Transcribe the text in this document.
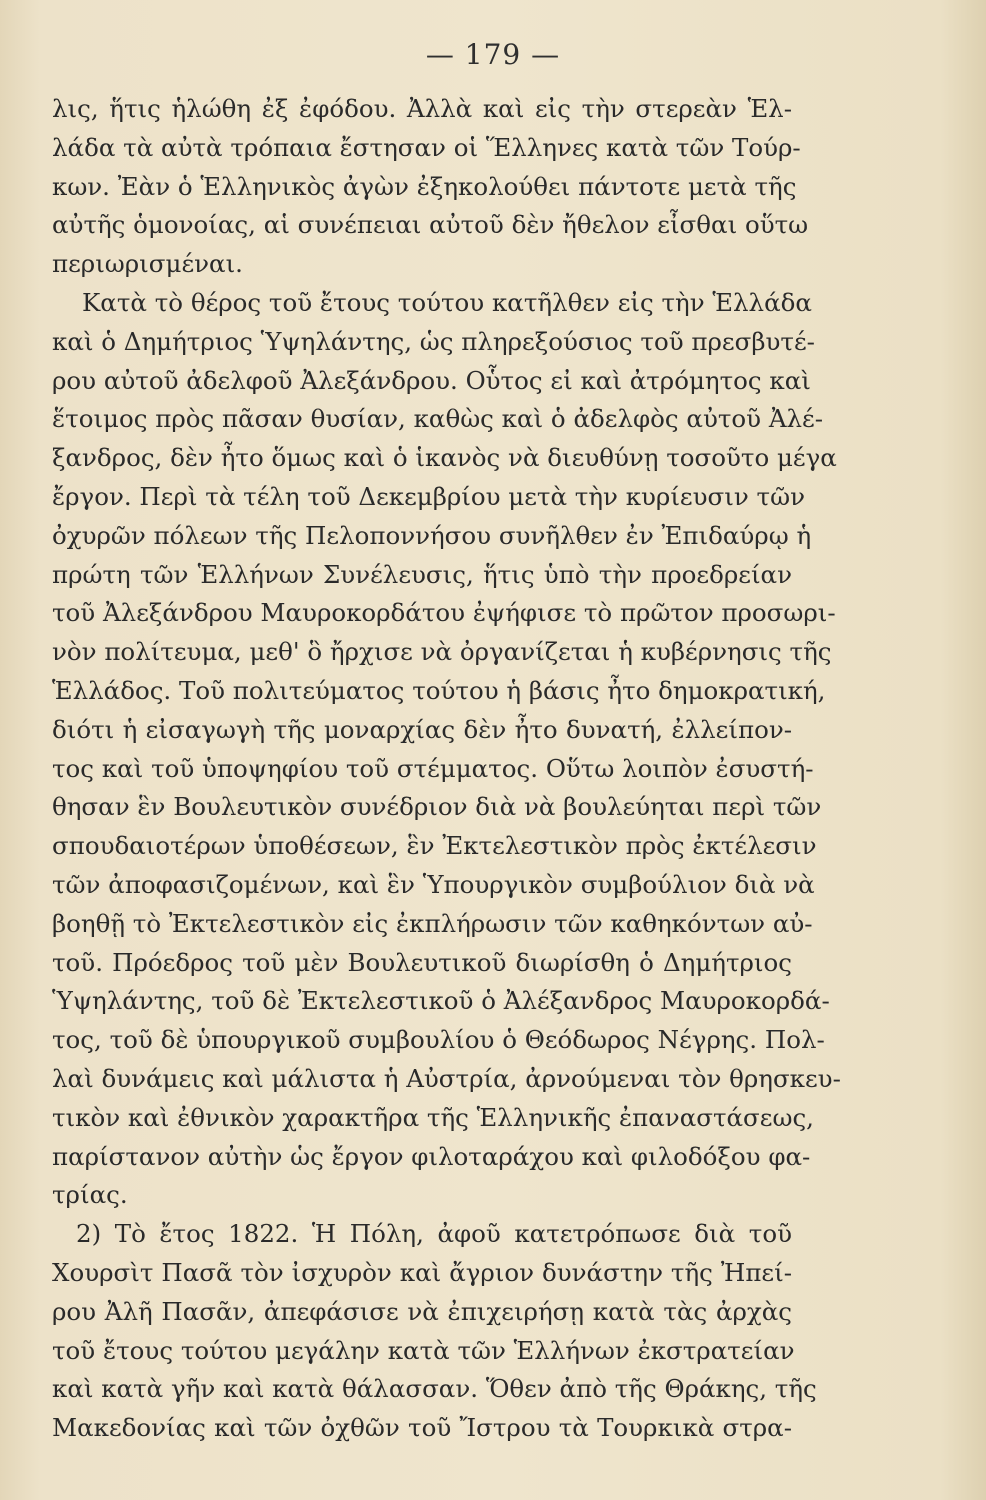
— 179 —
λις, ἥτις ἡλώθη ἐξ ἐφόδου. Ἀλλὰ καὶ εἰς τὴν στερεὰν Ἑλ-
λάδα τὰ αὐτὰ τρόπαια ἔστησαν οἱ Ἕλληνες κατὰ τῶν Τούρ-
κων. Ἐὰν ὁ Ἑλληνικὸς ἀγὼν ἐξηκολούθει πάντοτε μετὰ τῆς
αὐτῆς ὁμονοίας, αἱ συνέπειαι αὐτοῦ δὲν ἤθελον εἶσθαι οὕτω
περιωρισμέναι.
Κατὰ τὸ θέρος τοῦ ἔτους τούτου κατῆλθεν εἰς τὴν Ἑλλάδα
καὶ ὁ Δημήτριος Ὑψηλάντης, ὡς πληρεξούσιος τοῦ πρεσβυτέ-
ρου αὐτοῦ ἀδελφοῦ Ἀλεξάνδρου. Οὗτος εἰ καὶ ἀτρόμητος καὶ
ἕτοιμος πρὸς πᾶσαν θυσίαν, καθὼς καὶ ὁ ἀδελφὸς αὐτοῦ Ἀλέ-
ξανδρος, δὲν ἦτο ὅμως καὶ ὁ ἱκανὸς νὰ διευθύνῃ τοσοῦτο μέγα
ἔργον. Περὶ τὰ τέλη τοῦ Δεκεμβρίου μετὰ τὴν κυρίευσιν τῶν
ὀχυρῶν πόλεων τῆς Πελοποννήσου συνῆλθεν ἐν Ἐπιδαύρῳ ἡ
πρώτη τῶν Ἑλλήνων Συνέλευσις, ἥτις ὑπὸ τὴν προεδρείαν
τοῦ Ἀλεξάνδρου Μαυροκορδάτου ἐψήφισε τὸ πρῶτον προσωρι-
νὸν πολίτευμα, μεθ' ὃ ἤρχισε νὰ ὀργανίζεται ἡ κυβέρνησις τῆς
Ἑλλάδος. Τοῦ πολιτεύματος τούτου ἡ βάσις ἦτο δημοκρατική,
διότι ἡ εἰσαγωγὴ τῆς μοναρχίας δὲν ἦτο δυνατή, ἐλλείπον-
τος καὶ τοῦ ὑποψηφίου τοῦ στέμματος. Οὕτω λοιπὸν ἐσυστή-
θησαν ἓν Βουλευτικὸν συνέδριον διὰ νὰ βουλεύηται περὶ τῶν
σπουδαιοτέρων ὑποθέσεων, ἓν Ἐκτελεστικὸν πρὸς ἐκτέλεσιν
τῶν ἀποφασιζομένων, καὶ ἓν Ὑπουργικὸν συμβούλιον διὰ νὰ
βοηθῇ τὸ Ἐκτελεστικὸν εἰς ἐκπλήρωσιν τῶν καθηκόντων αὐ-
τοῦ. Πρόεδρος τοῦ μὲν Βουλευτικοῦ διωρίσθη ὁ Δημήτριος
Ὑψηλάντης, τοῦ δὲ Ἐκτελεστικοῦ ὁ Ἀλέξανδρος Μαυροκορδά-
τος, τοῦ δὲ ὑπουργικοῦ συμβουλίου ὁ Θεόδωρος Νέγρης. Πολ-
λαὶ δυνάμεις καὶ μάλιστα ἡ Αὐστρία, ἀρνούμεναι τὸν θρησκευ-
τικὸν καὶ ἐθνικὸν χαρακτῆρα τῆς Ἑλληνικῆς ἐπαναστάσεως,
παρίστανον αὐτὴν ὡς ἔργον φιλοταράχου καὶ φιλοδόξου φα-
τρίας.
2) Τὸ ἔτος 1822. Ἡ Πόλη, ἀφοῦ κατετρόπωσε διὰ τοῦ
Χουρσὶτ Πασᾶ τὸν ἰσχυρὸν καὶ ἄγριον δυνάστην τῆς Ἠπεί-
ρου Ἀλῆ Πασᾶν, ἀπεφάσισε νὰ ἐπιχειρήσῃ κατὰ τὰς ἀρχὰς
τοῦ ἔτους τούτου μεγάλην κατὰ τῶν Ἑλλήνων ἐκστρατείαν
καὶ κατὰ γῆν καὶ κατὰ θάλασσαν. Ὅθεν ἀπὸ τῆς Θράκης, τῆς
Μακεδονίας καὶ τῶν ὀχθῶν τοῦ Ἴστρου τὰ Τουρκικὰ στρα-
